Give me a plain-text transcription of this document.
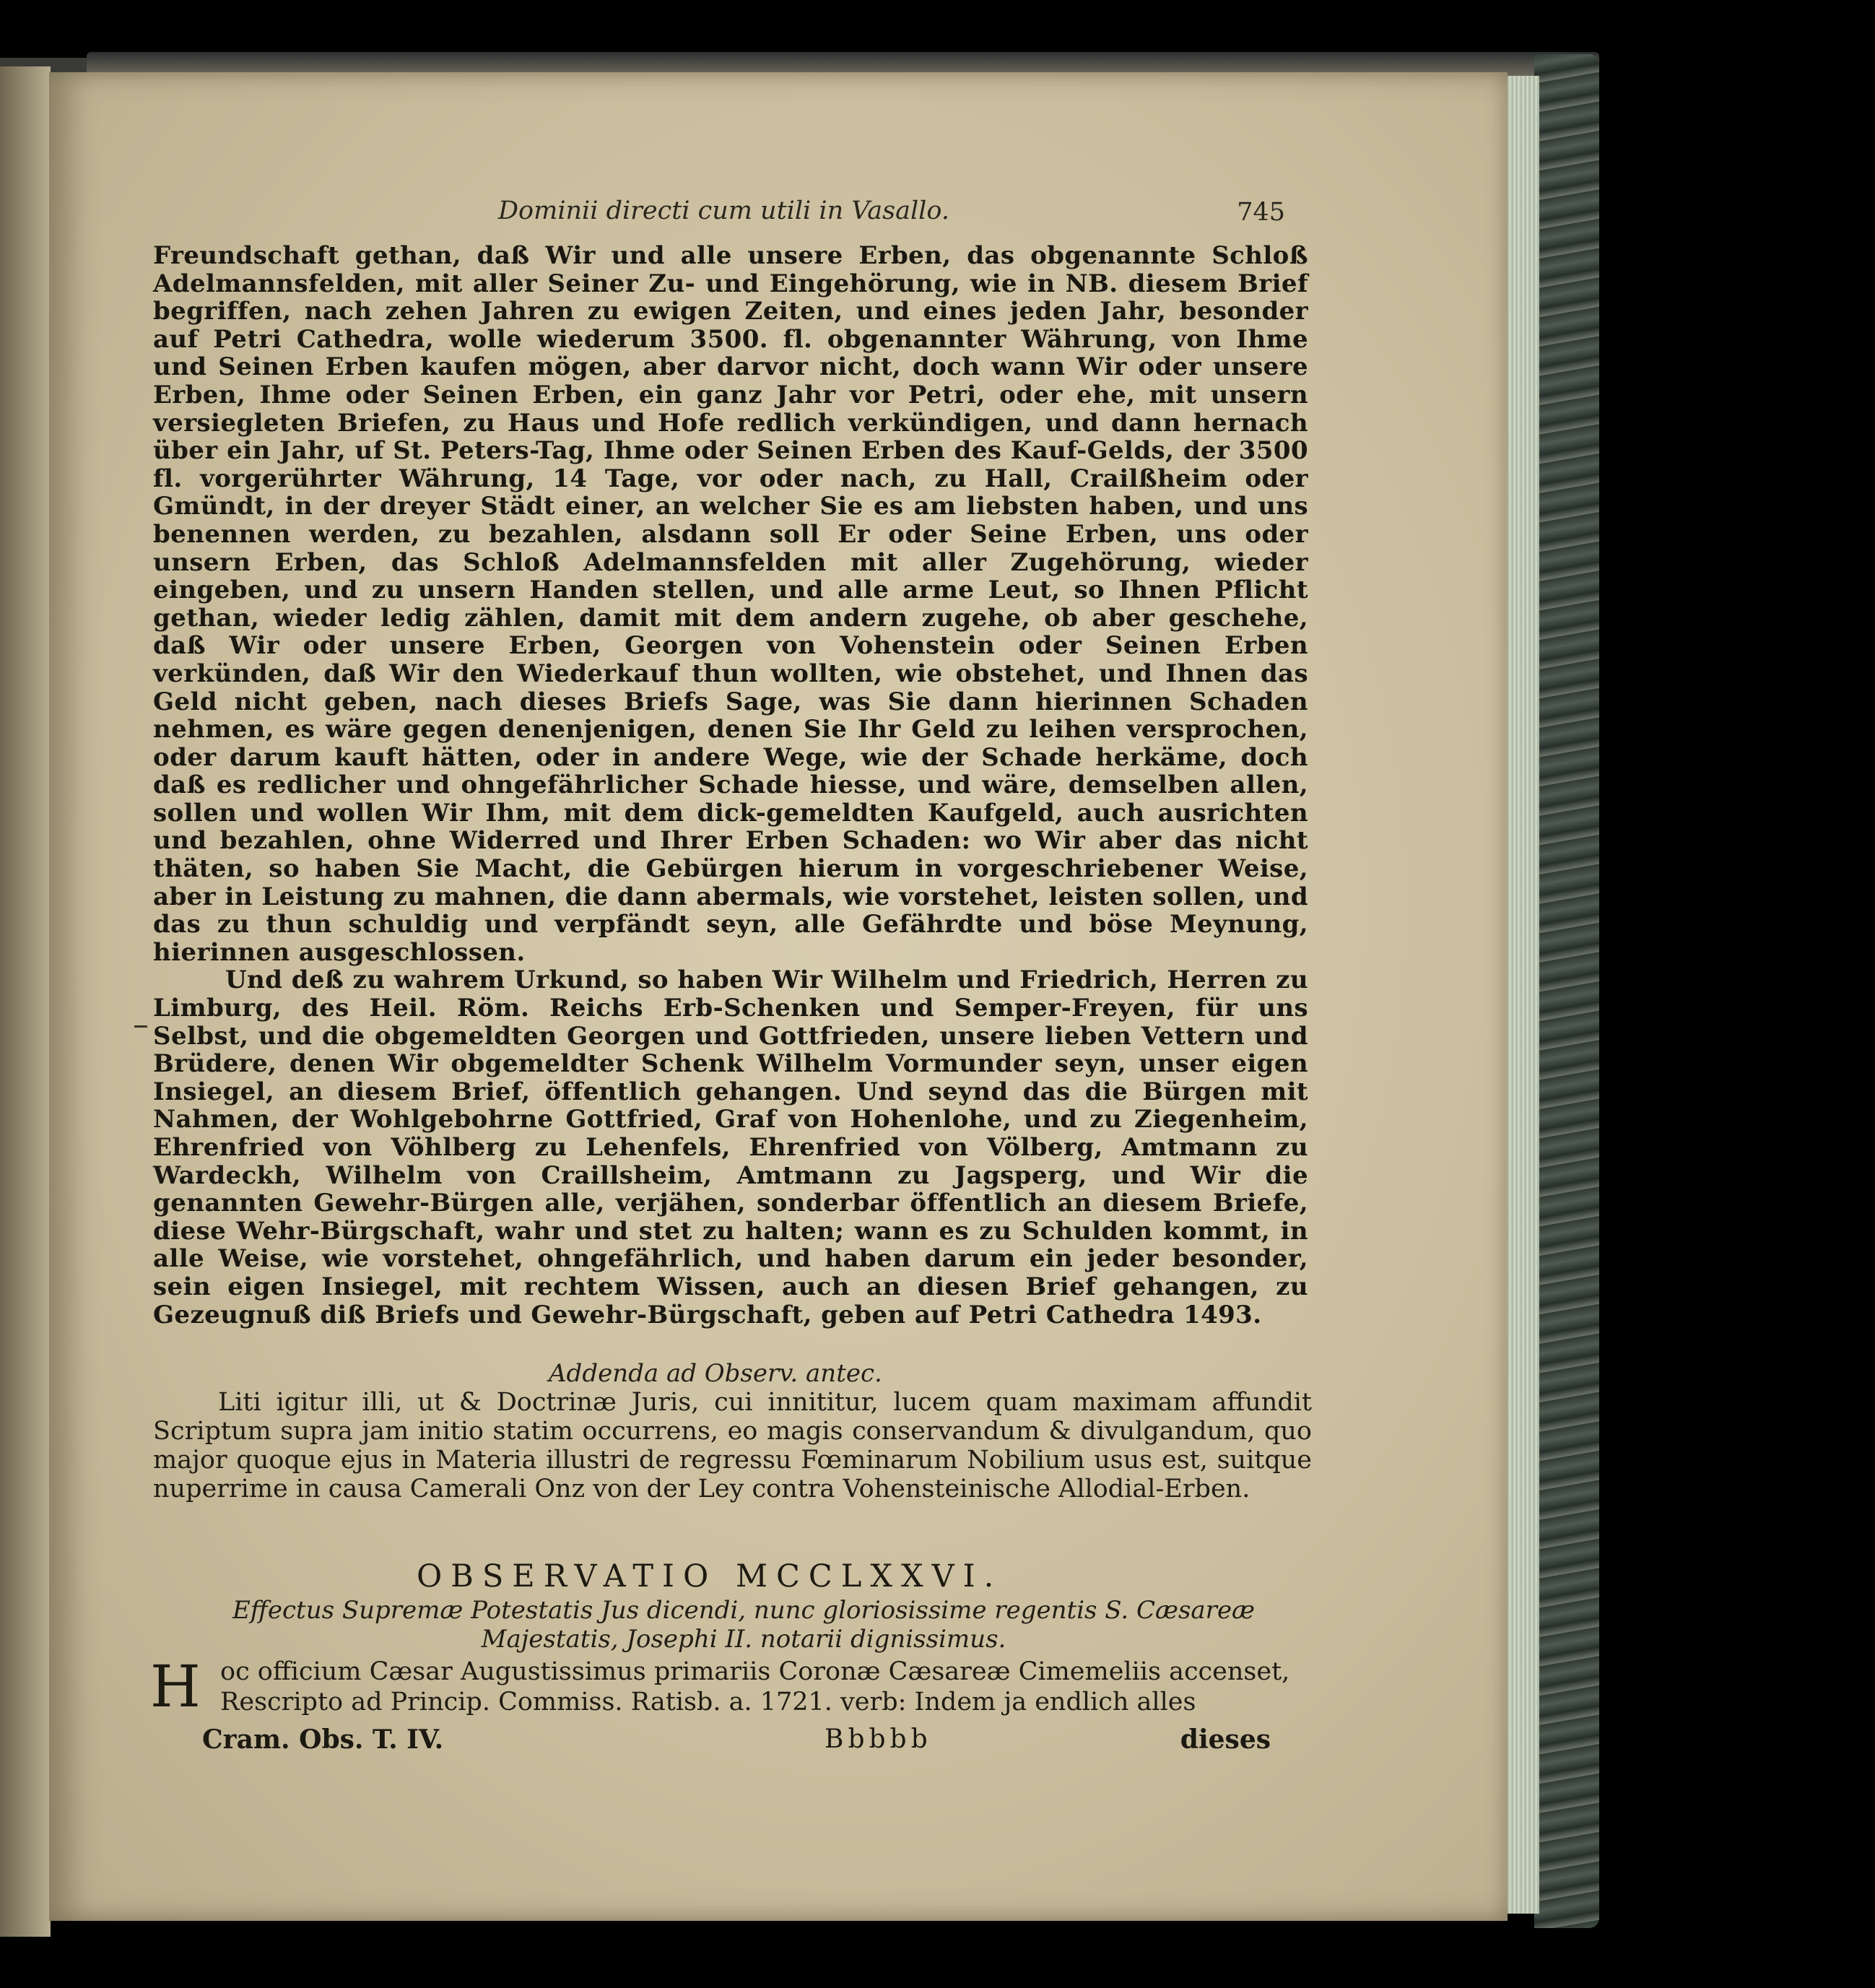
Dominii directi cum utili in Vasallo.	745

Freundschaft gethan, daß Wir und alle unsere Erben, das obgenannte Schloß Adelmannsfelden, mit aller Seiner Zu- und Eingehörung, wie in NB. diesem Brief begriffen, nach zehen Jahren zu ewigen Zeiten, und eines jeden Jahr, besonder auf Petri Cathedra, wolle wiederum 3500. fl. obgenannter Währung, von Ihme und Seinen Erben kaufen mögen, aber darvor nicht, doch wann Wir oder unsere Erben, Ihme oder Seinen Erben, ein ganz Jahr vor Petri, oder ehe, mit unsern versiegleten Briefen, zu Haus und Hofe redlich verkündigen, und dann hernach über ein Jahr, uf St. Peters-Tag, Ihme oder Seinen Erben des Kauf-Gelds, der 3500 fl. vorgerührter Währung, 14 Tage, vor oder nach, zu Hall, Crailßheim oder Gmündt, in der dreyer Städt einer, an welcher Sie es am liebsten haben, und uns benennen werden, zu bezahlen, alsdann soll Er oder Seine Erben, uns oder unsern Erben, das Schloß Adelmannsfelden mit aller Zugehörung, wieder eingeben, und zu unsern Handen stellen, und alle arme Leut, so Ihnen Pflicht gethan, wieder ledig zählen, damit mit dem andern zugehe, ob aber geschehe, daß Wir oder unsere Erben, Georgen von Vohenstein oder Seinen Erben verkünden, daß Wir den Wiederkauf thun wollten, wie obstehet, und Ihnen das Geld nicht geben, nach dieses Briefs Sage, was Sie dann hierinnen Schaden nehmen, es wäre gegen denenjenigen, denen Sie Ihr Geld zu leihen versprochen, oder darum kauft hätten, oder in andere Wege, wie der Schade herkäme, doch daß es redlicher und ohngefährlicher Schade hiesse, und wäre, demselben allen, sollen und wollen Wir Ihm, mit dem dick-gemeldten Kaufgeld, auch ausrichten und bezahlen, ohne Widerred und Ihrer Erben Schaden: wo Wir aber das nicht thäten, so haben Sie Macht, die Gebürgen hierum in vorgeschriebener Weise, aber in Leistung zu mahnen, die dann abermals, wie vorstehet, leisten sollen, und das zu thun schuldig und verpfändt seyn, alle Gefährdte und böse Meynung, hierinnen ausgeschlossen.

Und deß zu wahrem Urkund, so haben Wir Wilhelm und Friedrich, Herren zu Limburg, des Heil. Röm. Reichs Erb-Schenken und Semper-Freyen, für uns Selbst, und die obgemeldten Georgen und Gottfrieden, unsere lieben Vettern und Brüdere, denen Wir obgemeldter Schenk Wilhelm Vormunder seyn, unser eigen Insiegel, an diesem Brief, öffentlich gehangen. Und seynd das die Bürgen mit Nahmen, der Wohlgebohrne Gottfried, Graf von Hohenlohe, und zu Ziegenheim, Ehrenfried von Vöhlberg zu Lehenfels, Ehrenfried von Völberg, Amtmann zu Wardeckh, Wilhelm von Craillsheim, Amtmann zu Jagsperg, und Wir die genannten Gewehr-Bürgen alle, verjähen, sonderbar öffentlich an diesem Briefe, diese Wehr-Bürgschaft, wahr und stet zu halten; wann es zu Schulden kommt, in alle Weise, wie vorstehet, ohngefährlich, und haben darum ein jeder besonder, sein eigen Insiegel, mit rechtem Wissen, auch an diesen Brief gehangen, zu Gezeugnuß diß Briefs und Gewehr-Bürgschaft, geben auf Petri Cathedra 1493.

Addenda ad Observ. antec.

Liti igitur illi, ut & Doctrinæ Juris, cui innititur, lucem quam maximam affundit Scriptum supra jam initio statim occurrens, eo magis conservandum & divulgandum, quo major quoque ejus in Materia illustri de regressu Fœminarum Nobilium usus est, suitque nuperrime in causa Camerali Onz von der Ley contra Vohensteinische Allodial-Erben.

OBSERVATIO MCCLXXVI.
Effectus Supremæ Potestatis Jus dicendi, nunc gloriosissime regentis S. Cæsareæ
Majestatis, Josephi II. notarii dignissimus.
H oc officium Cæsar Augustissimus primariis Coronæ Cæsareæ Cimemeliis accenset,

Rescripto ad Princip. Commiss. Ratisb. a. 1721. verb: Indem ja endlich alles

Cram. Obs. T. IV.	Bbbbb	dieses
